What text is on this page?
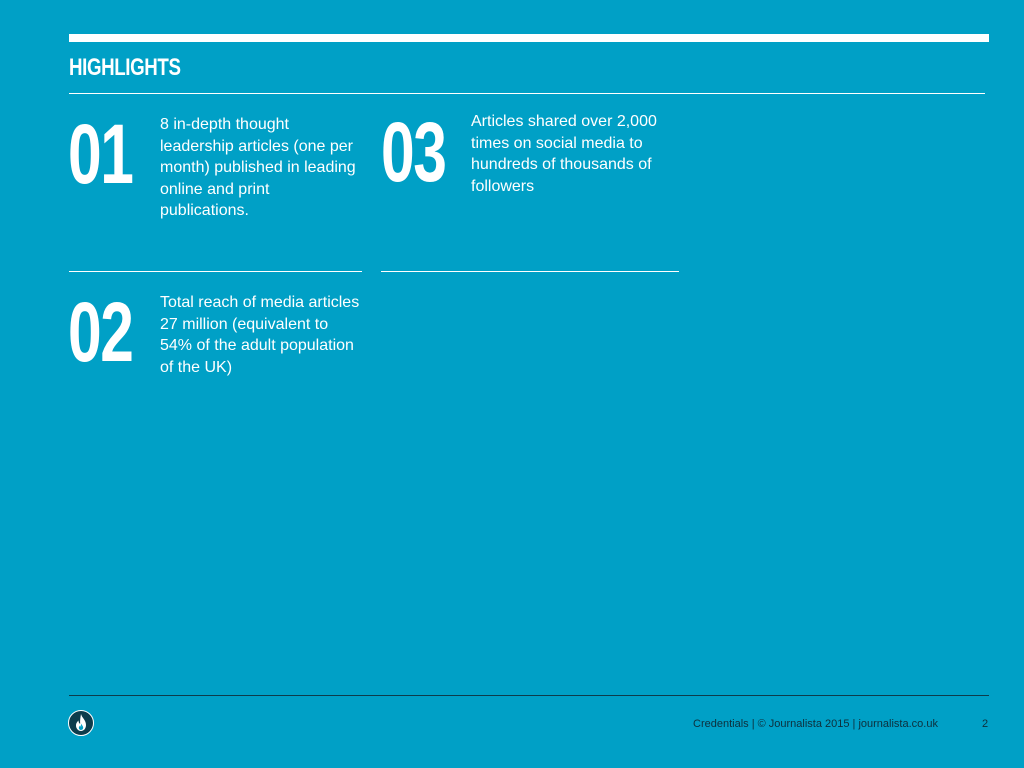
HIGHLIGHTS
01 8 in-depth thought leadership articles (one per month) published in leading online and print publications.
03 Articles shared over 2,000 times on social media to hundreds of thousands of followers
02 Total reach of media articles 27 million (equivalent to 54% of the adult population of the UK)
Credentials | © Journalista 2015 | journalista.co.uk	2
